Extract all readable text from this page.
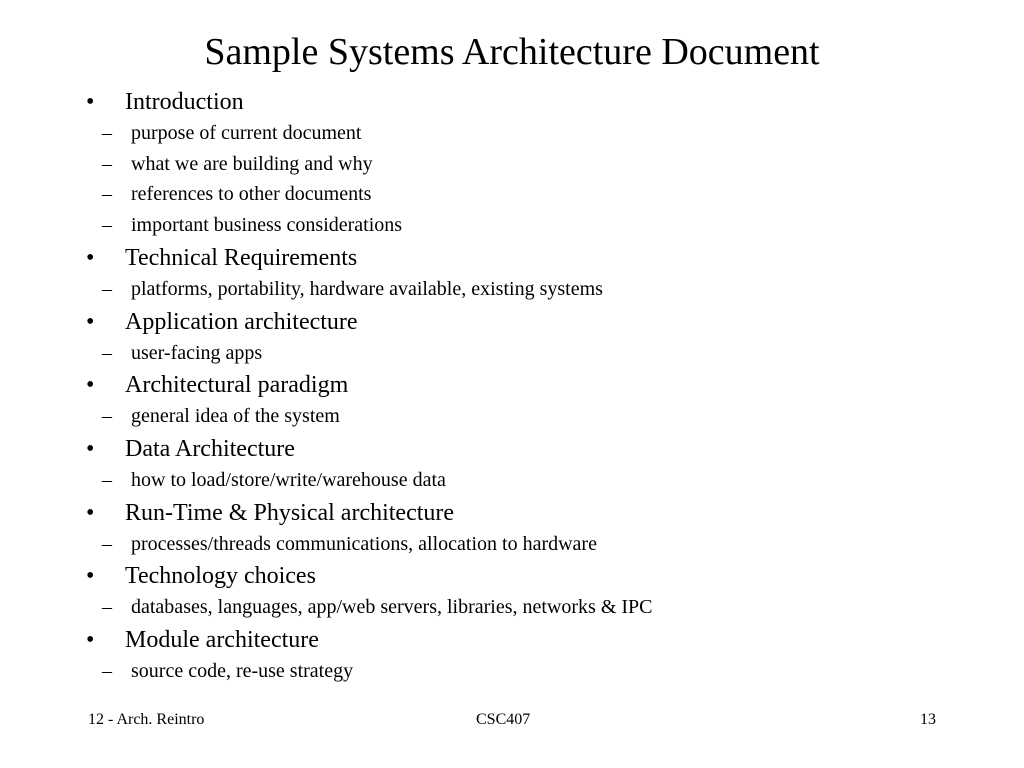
Sample Systems Architecture Document
• Introduction
– purpose of current document
– what we are building and why
– references to other documents
– important business considerations
• Technical Requirements
– platforms, portability, hardware available, existing systems
• Application architecture
– user-facing apps
• Architectural paradigm
– general idea of the system
• Data Architecture
– how to load/store/write/warehouse data
• Run-Time & Physical architecture
– processes/threads communications, allocation to hardware
• Technology choices
– databases, languages, app/web servers, libraries, networks & IPC
• Module architecture
– source code, re-use strategy
12 - Arch. Reintro	CSC407	13
